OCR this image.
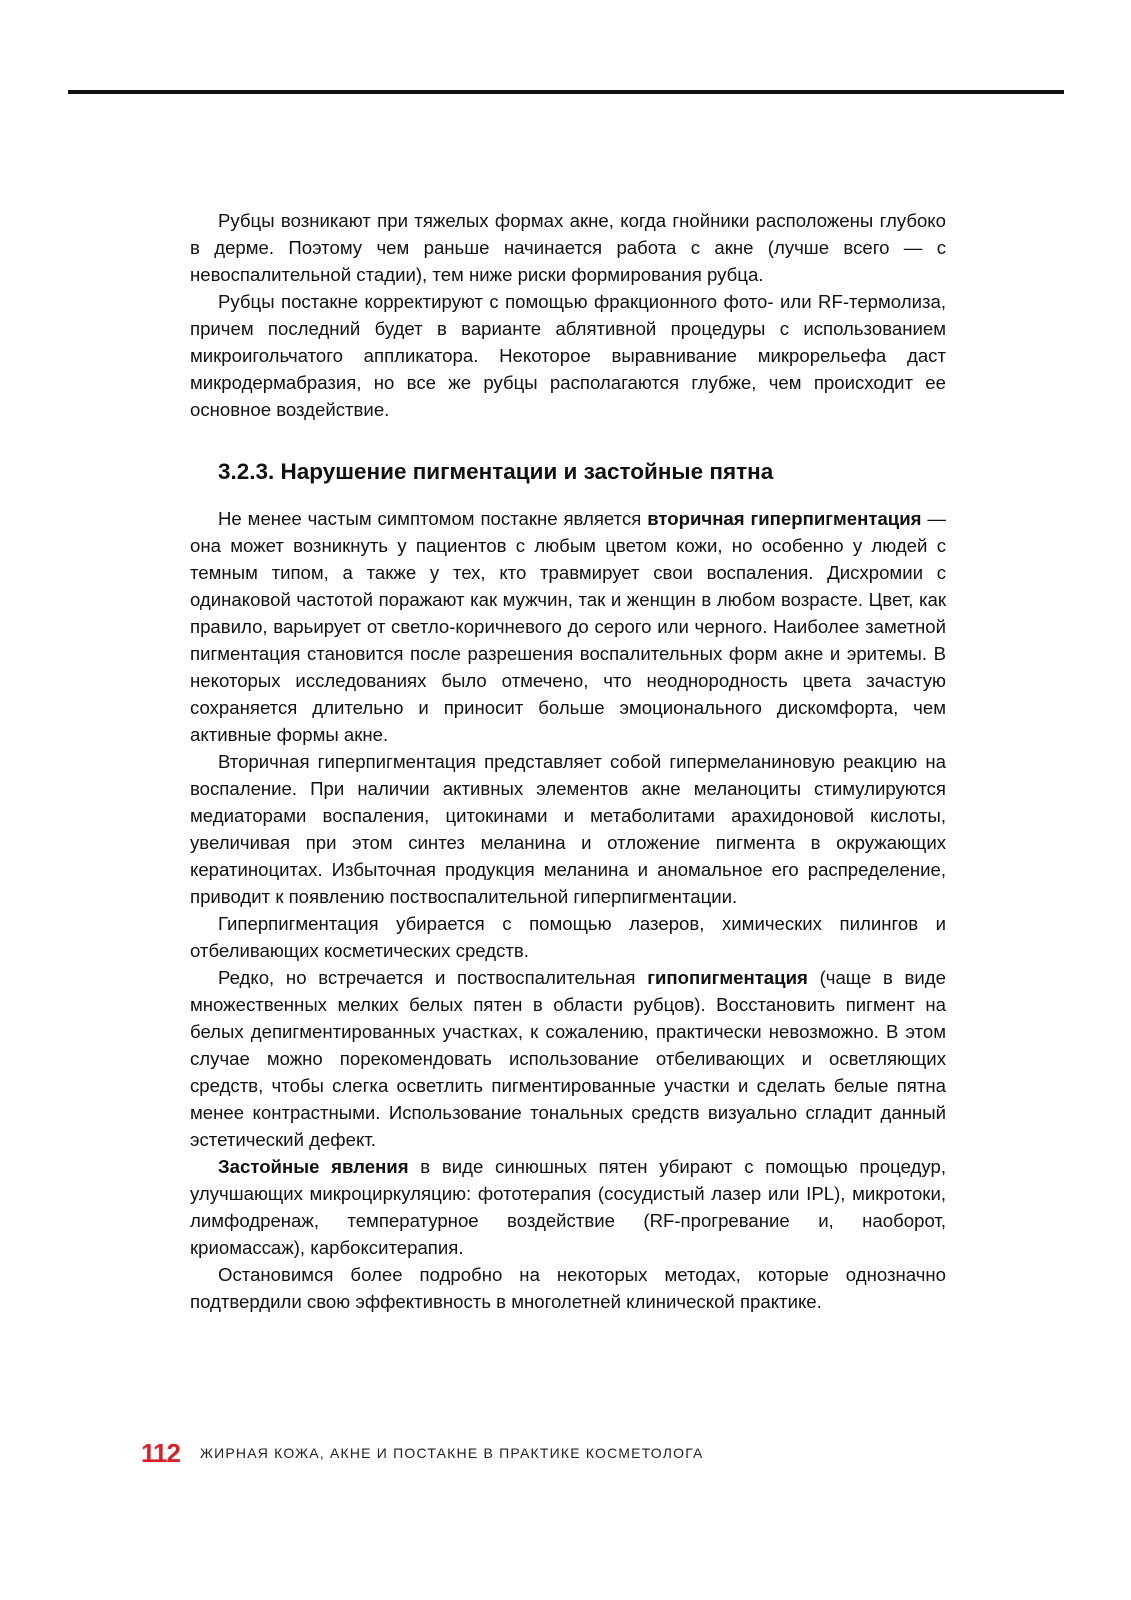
Рубцы возникают при тяжелых формах акне, когда гнойники расположены глубоко в дерме. Поэтому чем раньше начинается работа с акне (лучше всего — с невоспалительной стадии), тем ниже риски формирования рубца.

Рубцы постакне корректируют с помощью фракционного фото- или RF-термолиза, причем последний будет в варианте аблятивной процедуры с использованием микроигольчатого аппликатора. Некоторое выравнивание микрорельефа даст микродермабразия, но все же рубцы располагаются глубже, чем происходит ее основное воздействие.

3.2.3. Нарушение пигментации и застойные пятна

Не менее частым симптомом постакне является вторичная гиперпигментация — она может возникнуть у пациентов с любым цветом кожи, но особенно у людей с темным типом, а также у тех, кто травмирует свои воспаления. Дисхромии с одинаковой частотой поражают как мужчин, так и женщин в любом возрасте. Цвет, как правило, варьирует от светло-коричневого до серого или черного. Наиболее заметной пигментация становится после разрешения воспалительных форм акне и эритемы. В некоторых исследованиях было отмечено, что неоднородность цвета зачастую сохраняется длительно и приносит больше эмоционального дискомфорта, чем активные формы акне.

Вторичная гиперпигментация представляет собой гипермеланиновую реакцию на воспаление. При наличии активных элементов акне меланоциты стимулируются медиаторами воспаления, цитокинами и метаболитами арахидоновой кислоты, увеличивая при этом синтез меланина и отложение пигмента в окружающих кератиноцитах. Избыточная продукция меланина и аномальное его распределение, приводит к появлению поствоспалительной гиперпигментации.

Гиперпигментация убирается с помощью лазеров, химических пилингов и отбеливающих косметических средств.

Редко, но встречается и поствоспалительная гипопигментация (чаще в виде множественных мелких белых пятен в области рубцов). Восстановить пигмент на белых депигментированных участках, к сожалению, практически невозможно. В этом случае можно порекомендовать использование отбеливающих и осветляющих средств, чтобы слегка осветлить пигментированные участки и сделать белые пятна менее контрастными. Использование тональных средств визуально сгладит данный эстетический дефект.

Застойные явления в виде синюшных пятен убирают с помощью процедур, улучшающих микроциркуляцию: фототерапия (сосудистый лазер или IPL), микротоки, лимфодренаж, температурное воздействие (RF-прогревание и, наоборот, криомассаж), карбокситерапия.

Остановимся более подробно на некоторых методах, которые однозначно подтвердили свою эффективность в многолетней клинической практике.

112 ЖИРНАЯ КОЖА, АКНЕ И ПОСТАКНЕ В ПРАКТИКЕ КОСМЕТОЛОГА
